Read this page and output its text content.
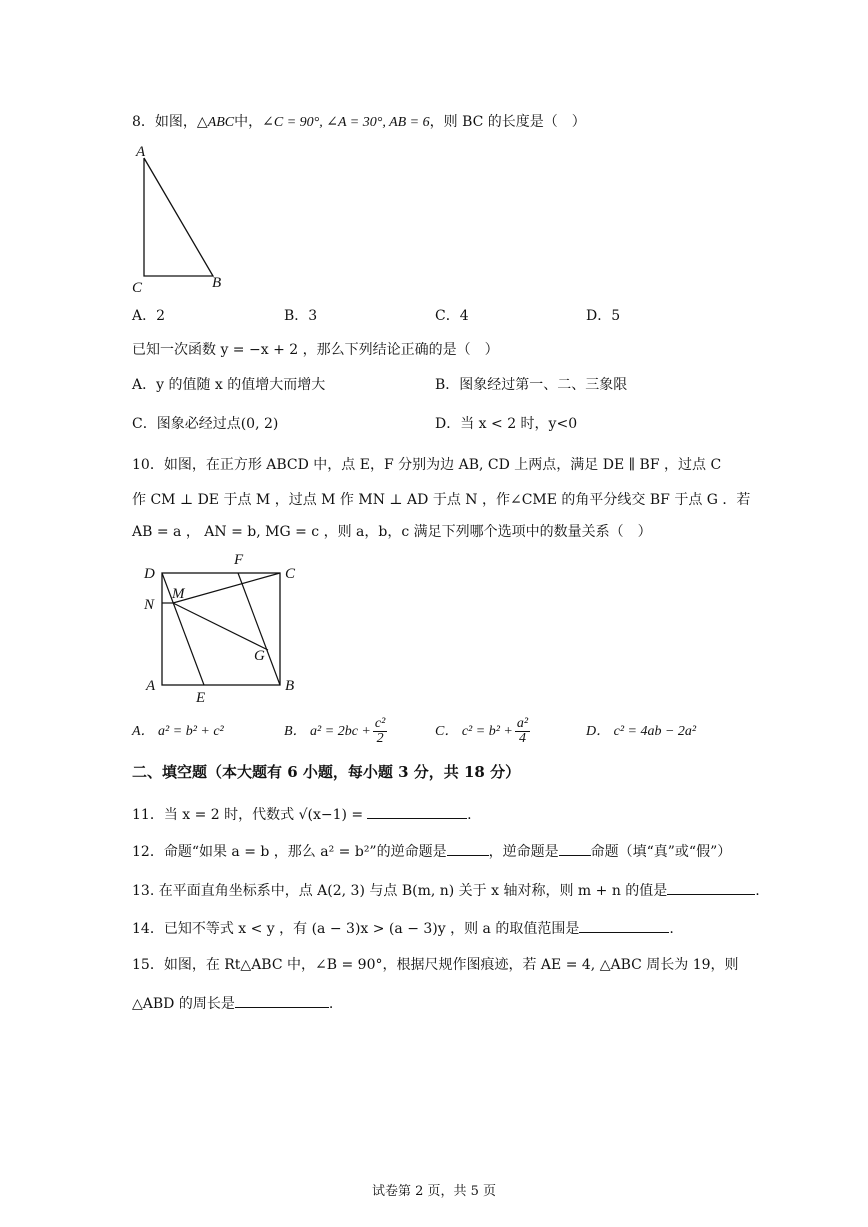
8．如图，△ABC中，∠C = 90°, ∠A = 30°, AB = 6，则 BC 的长度是（　）
A
C	B
A．2	B．3	C．4	D．5
已知一次函数 y = −x + 2 ，那么下列结论正确的是（　）
A．y 的值随 x 的值增大而增大	B．图象经过第一、二、三象限
C．图象必经过点(0, 2)	D．当 x < 2 时，y<0
10．如图，在正方形 ABCD 中，点 E，F 分别为边 AB, CD 上两点，满足 DE ∥ BF ，过点 C
作 CM ⊥ DE 于点 M ，过点 M 作 MN ⊥ AD 于点 N ，作∠CME 的角平分线交 BF 于点 G ．若
AB = a ， AN = b, MG = c ，则 a，b，c 满足下列哪个选项中的数量关系（　）
D
F
C
N
M
G
A
E
B
A． a² = b² + c²	B． $a^2 = 2bc + \frac{\text{c²}}{2}$	C． $c^2 = b^2 + \frac{\text{a²}}{4}$	D． c² = 4ab − 2a²
二、填空题（本大题有 6 小题，每小题 3 分，共 18 分）
11．当 x = 2 时，代数式 √(x−1) =	.
12．命题“如果 a = b ，那么 a² = b²”的逆命题是	，逆命题是 命题（填“真”或“假”）
13. 在平面直角坐标系中，点 A(2, 3) 与点 B(m, n) 关于 x 轴对称，则 m + n 的值是	.
14．已知不等式 x < y ，有 (a − 3)x > (a − 3)y ，则 a 的取值范围是	.
15．如图，在 Rt△ABC 中，∠B = 90°，根据尺规作图痕迹，若 AE = 4, △ABC 周长为 19，则
△ABD 的周长是	.
试卷第 2 页，共 5 页
